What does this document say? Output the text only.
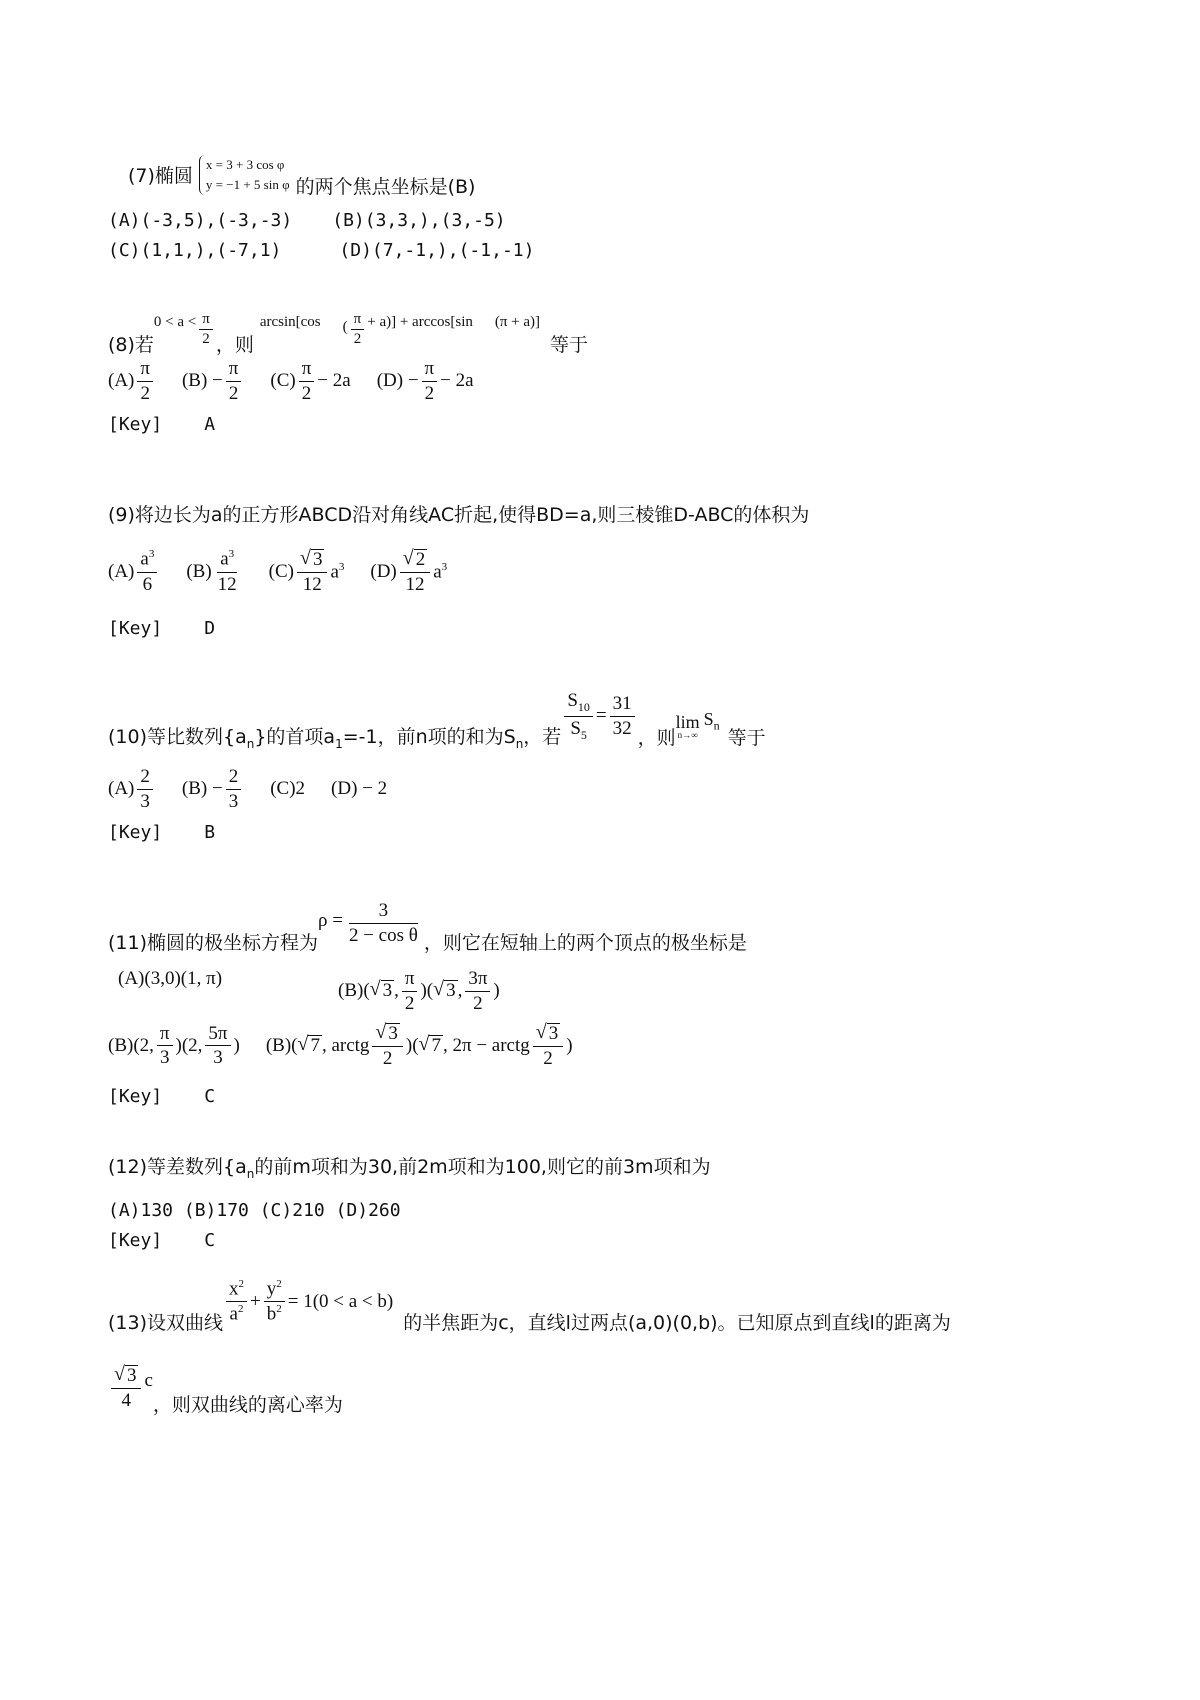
(7)椭圆
x = 3 + 3 cos φ
y = −1 + 5 sin φ 的两个焦点坐标是(B)
(A)(-3,5),(-3,-3) (B)(3,3,),(3,-5)
(C)(1,1,),(-7,1)	(D)(7,-1,),(-1,-1)
(8)若
$0 < a < \frac{\pi}{2}$ ，则
arcsin[cos ( $\frac{\pi}{2} + a)] + \arccos[\sin$ (π + a)]
等于
$(A) \frac{\pi}{2} (B) - \frac{\pi}{2} (C) \frac{\pi}{2} - 2a$ $(D) - \frac{\pi}{2} - 2a$
[Key] A
(9)将边长为a的正方形ABCD沿对角线AC折起,使得BD=a,则三棱锥D-ABC的体积为
$(A) \frac{a^3}{6} (B) \frac{a^3}{12} (C) \frac{√ 3}{12} a^3$ $(D) \frac{√ 2}{12} a^3$
[Key] D
(10)等比数列$\{a_n\}$的首项$a_1=-1$，前n项的和为$S_n$，若 $\frac{S_{10}}{S_5} = \frac{31}{32}$ ，则
lim
n→∞
$S_n$
等于
$(A) \frac{2}{3} (B) - \frac{2}{3} (C)2$ (D) − 2
[Key] B
(11)椭圆的极坐标方程为
$\rho = \frac{3}{\text{2 − cos θ}}$ ，则它在短轴上的两个顶点的极坐标是
(A)(3,0)(1, π)
(B)( √ 3 , $\frac{\pi}{2}$ )( √ 3 , $\frac{3\pi}{2}$ )
(B)(2, $\frac{\pi}{3} )(2$, $\frac{5\pi}{3}$ ) (B)( √ 7 , arctg $\frac{√ 3}{2}$ )( √ 7 , 2π − arctg $\frac{√ 3}{2}$ )
[Key] C
(12)等差数列{$a_n$的前m项和为30,前2m项和为100,则它的前3m项和为
(A)130 (B)170 (C)210 (D)260
[Key] C
(13)设双曲线 $\frac{x^2}{a^2} + \frac{y^2}{b^2} = 1(0 < a < b)$
的半焦距为c，直线l过两点(a,0)(0,b)。已知原点到直线l的距离为
$\frac{√ 3}{4}$ c
，则双曲线的离心率为
